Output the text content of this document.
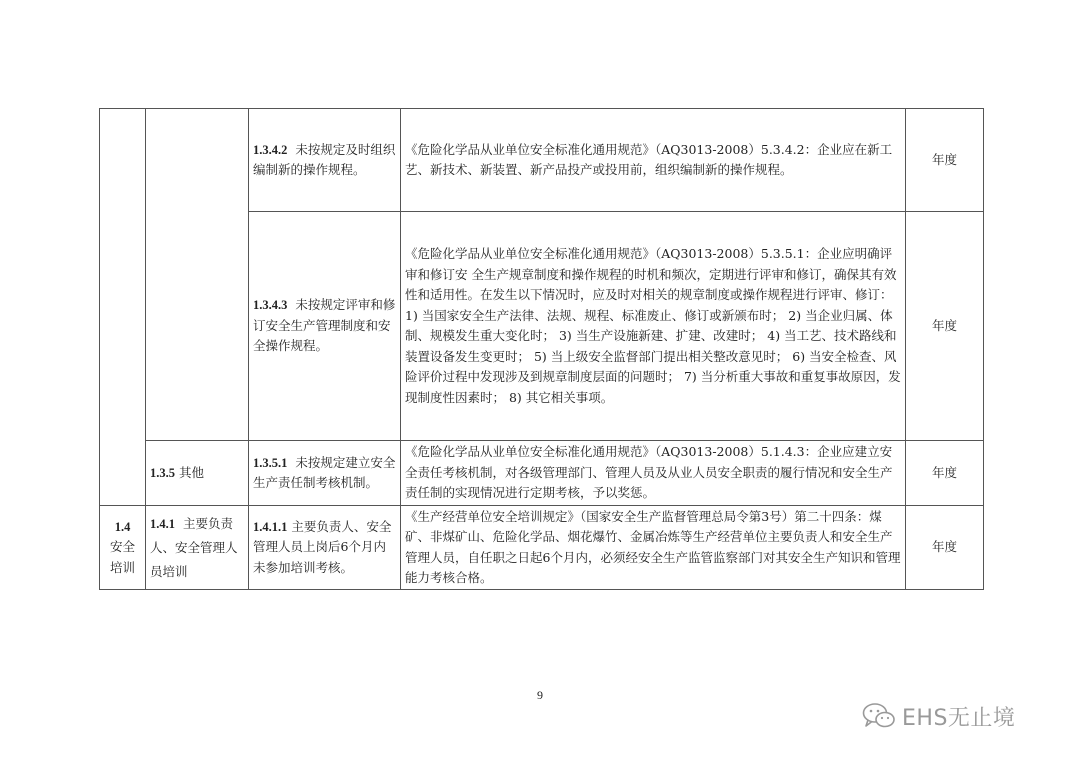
		1.3.4.2 未按规定及时组织编制新的操作规程。	《危险化学品从业单位安全标准化通用规范》（AQ3013-2008）5.3.4.2：企业应在新工艺、新技术、新装置、新产品投产或投用前，组织编制新的操作规程。	年度
		1.3.4.3 未按规定评审和修订安全生产管理制度和安全操作规程。	《危险化学品从业单位安全标准化通用规范》（AQ3013-2008）5.3.5.1：企业应明确评审和修订安 全生产规章制度和操作规程的时机和频次，定期进行评审和修订，确保其有效性和适用性。在发生以下情况时，应及时对相关的规章制度或操作规程进行评审、修订： 1) 当国家安全生产法律、法规、规程、标准废止、修订或新颁布时； 2) 当企业归属、体制、规模发生重大变化时； 3) 当生产设施新建、扩建、改建时； 4) 当工艺、技术路线和装置设备发生变更时； 5) 当上级安全监督部门提出相关整改意见时； 6) 当安全检查、风险评价过程中发现涉及到规章制度层面的问题时； 7) 当分析重大事故和重复事故原因，发现制度性因素时； 8) 其它相关事项。	年度
	1.3.5 其他	1.3.5.1 未按规定建立安全生产责任制考核机制。	《危险化学品从业单位安全标准化通用规范》（AQ3013-2008）5.1.4.3：企业应建立安全责任考核机制，对各级管理部门、管理人员及从业人员安全职责的履行情况和安全生产责任制的实现情况进行定期考核，予以奖惩。	年度

1.4
安全
培训	1.4.1 主要负责人、安全管理人员培训	1.4.1.1 主要负责人、安全管理人员上岗后6个月内未参加培训考核。	《生产经营单位安全培训规定》（国家安全生产监督管理总局令第3号）第二十四条：煤矿、非煤矿山、危险化学品、烟花爆竹、金属冶炼等生产经营单位主要负责人和安全生产管理人员，自任职之日起6个月内，必须经安全生产监管监察部门对其安全生产知识和管理能力考核合格。	年度
9
EHS无止境
